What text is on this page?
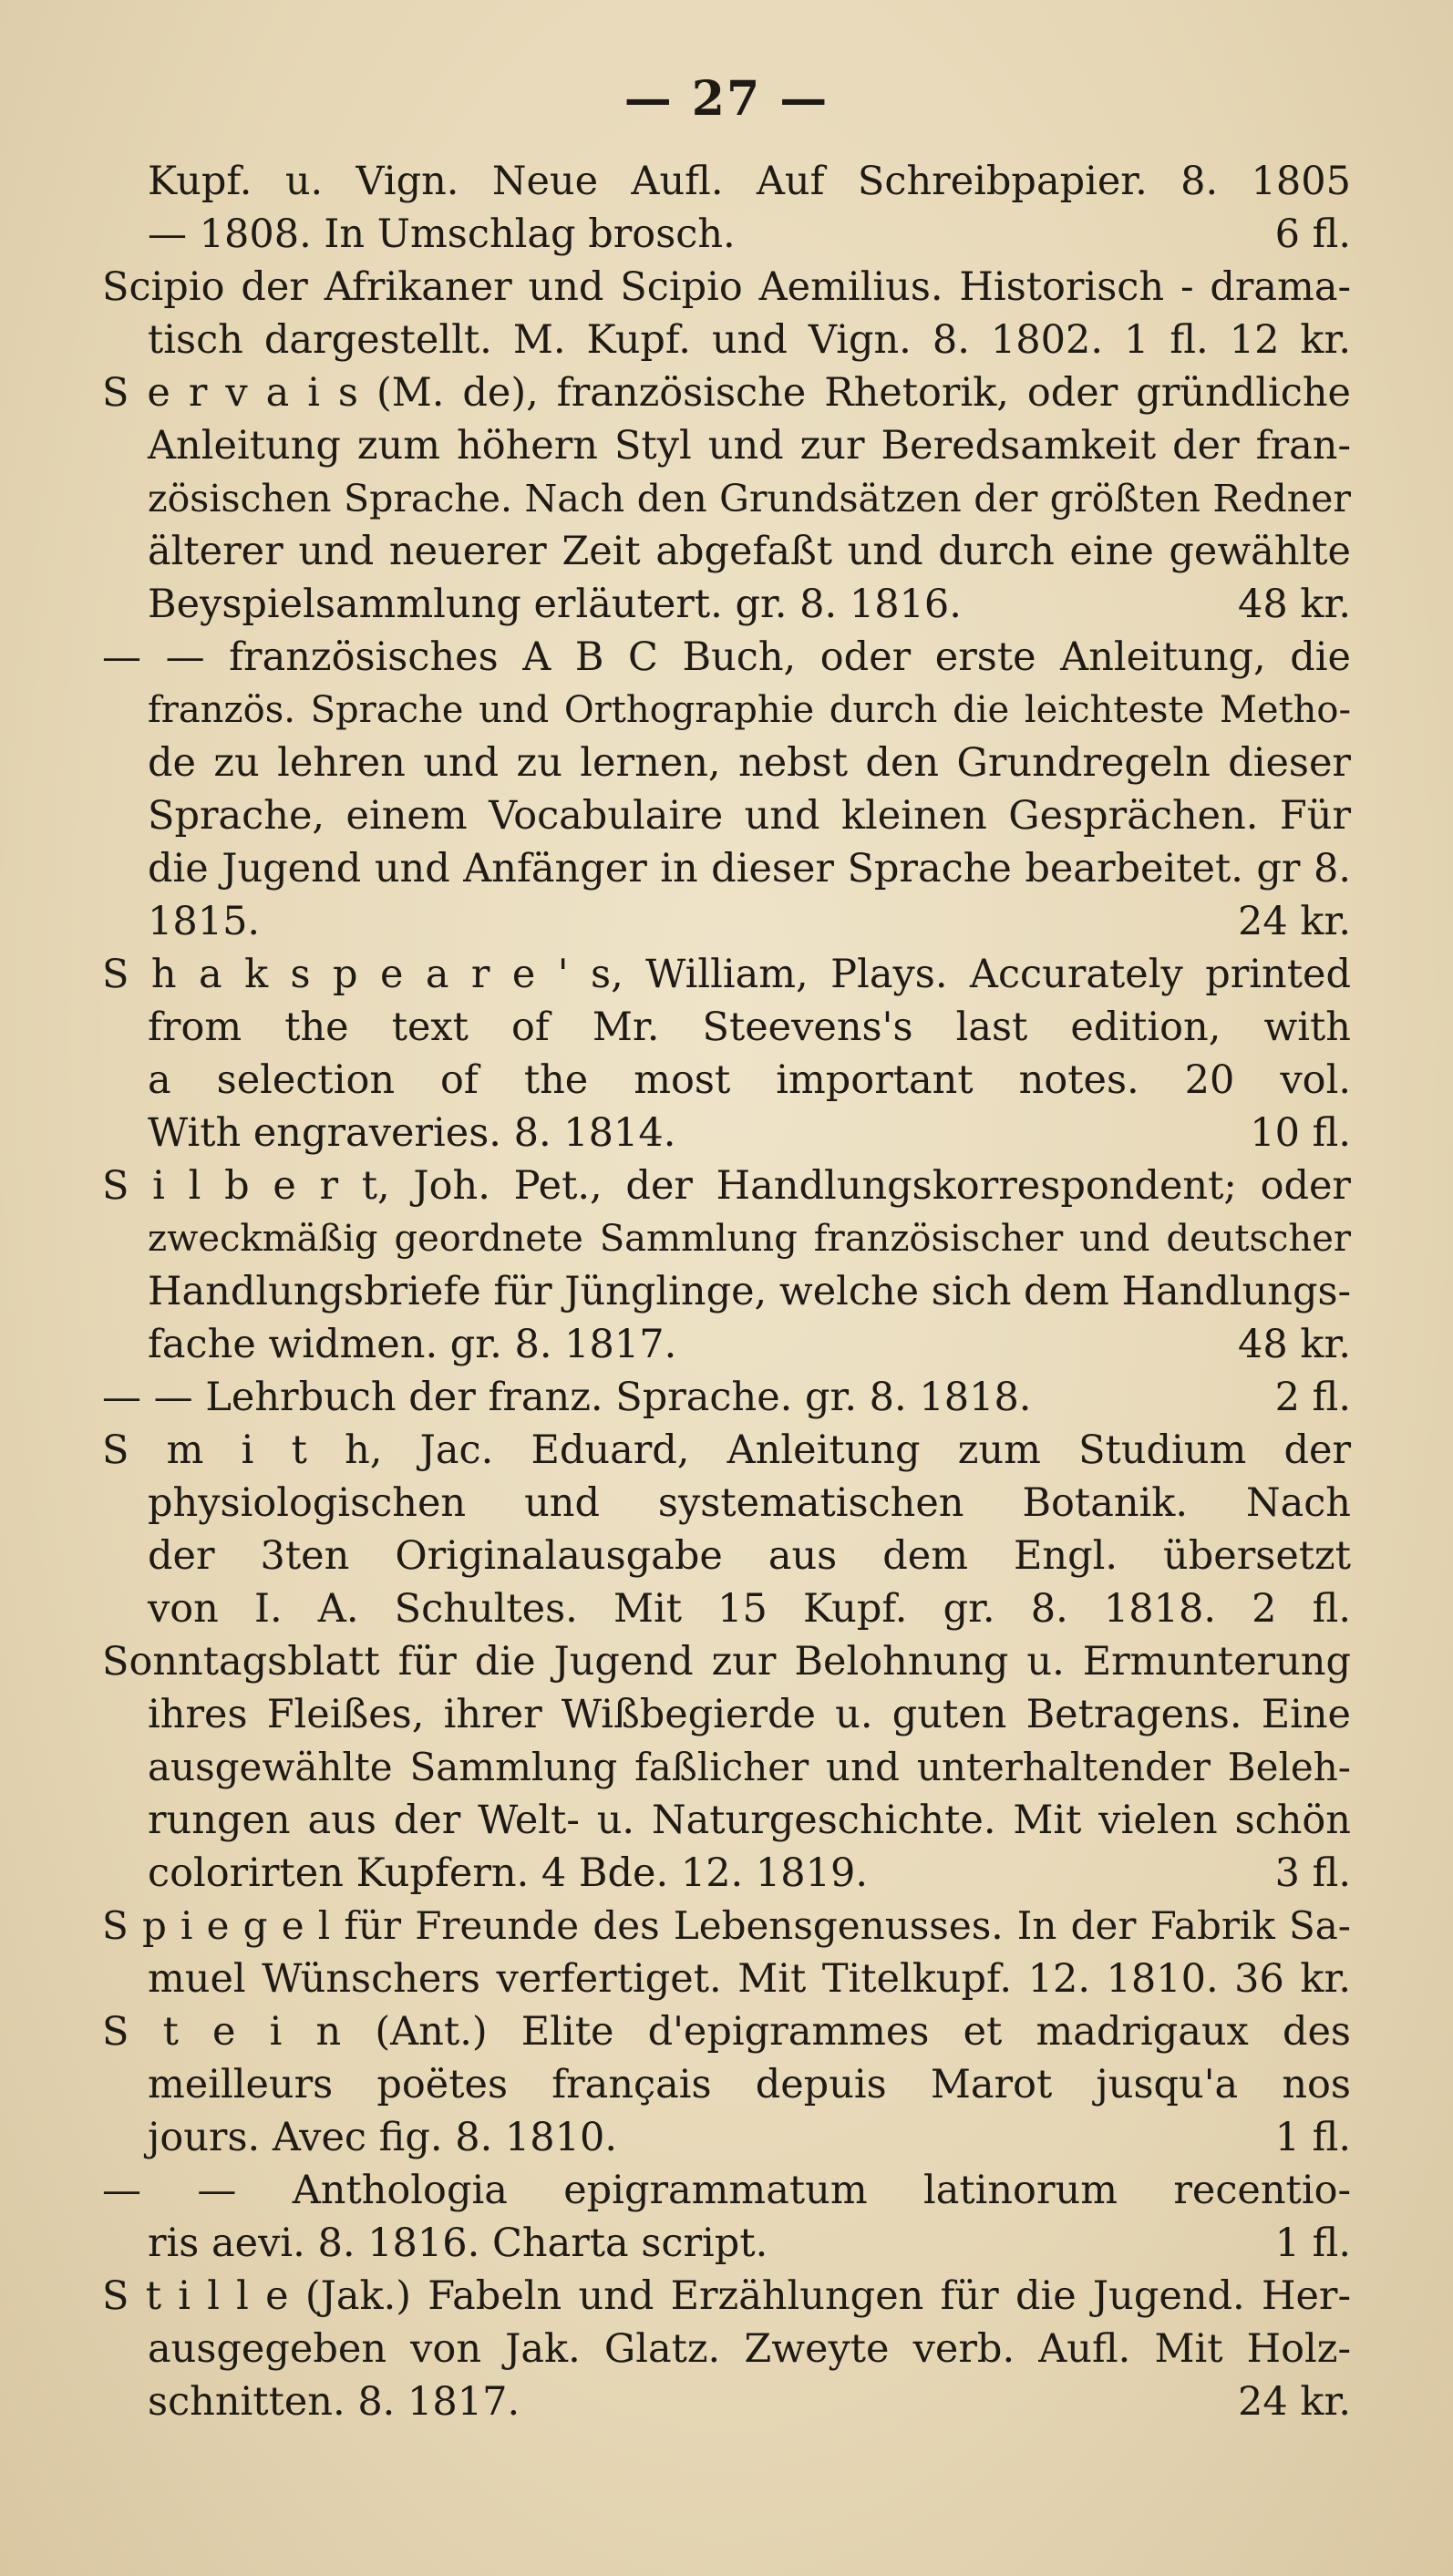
— 27 —
Kupf. u. Vign. Neue Aufl. Auf Schreibpapier. 8. 1805
— 1808. In Umschlag brosch.	6 fl.
Scipio der Afrikaner und Scipio Aemilius. Historisch - drama-
tisch dargestellt. M. Kupf. und Vign. 8. 1802. 1 fl. 12 kr.
S e r v a i s (M. de), französische Rhetorik, oder gründliche
Anleitung zum höhern Styl und zur Beredsamkeit der fran-
zösischen Sprache. Nach den Grundsätzen der größten Redner
älterer und neuerer Zeit abgefaßt und durch eine gewählte
Beyspielsammlung erläutert. gr. 8. 1816.	48 kr.
— — französisches A B C Buch, oder erste Anleitung, die
französ. Sprache und Orthographie durch die leichteste Metho-
de zu lehren und zu lernen, nebst den Grundregeln dieser
Sprache, einem Vocabulaire und kleinen Gesprächen. Für
die Jugend und Anfänger in dieser Sprache bearbeitet. gr 8.
1815.	24 kr.
S h a k s p e a r e ' s, William, Plays. Accurately printed
from the text of Mr. Steevens's last edition, with
a selection of the most important notes. 20 vol.
With engraveries. 8. 1814.	10 fl.
S i l b e r t, Joh. Pet., der Handlungskorrespondent; oder
zweckmäßig geordnete Sammlung französischer und deutscher
Handlungsbriefe für Jünglinge, welche sich dem Handlungs-
fache widmen. gr. 8. 1817.	48 kr.
— — Lehrbuch der franz. Sprache. gr. 8. 1818.	2 fl.
S m i t h, Jac. Eduard, Anleitung zum Studium der
physiologischen und systematischen Botanik. Nach
der 3ten Originalausgabe aus dem Engl. übersetzt
von I. A. Schultes. Mit 15 Kupf. gr. 8. 1818. 2 fl.
Sonntagsblatt für die Jugend zur Belohnung u. Ermunterung
ihres Fleißes, ihrer Wißbegierde u. guten Betragens. Eine
ausgewählte Sammlung faßlicher und unterhaltender Beleh-
rungen aus der Welt- u. Naturgeschichte. Mit vielen schön
colorirten Kupfern. 4 Bde. 12. 1819.	3 fl.
S p i e g e l für Freunde des Lebensgenusses. In der Fabrik Sa-
muel Wünschers verfertiget. Mit Titelkupf. 12. 1810. 36 kr.
S t e i n (Ant.) Elite d'epigrammes et madrigaux des
meilleurs poëtes français depuis Marot jusqu'a nos
jours. Avec fig. 8. 1810.	1 fl.
— — Anthologia epigrammatum latinorum recentio-
ris aevi. 8. 1816. Charta script.	1 fl.
S t i l l e (Jak.) Fabeln und Erzählungen für die Jugend. Her-
ausgegeben von Jak. Glatz. Zweyte verb. Aufl. Mit Holz-
schnitten. 8. 1817.	24 kr.
